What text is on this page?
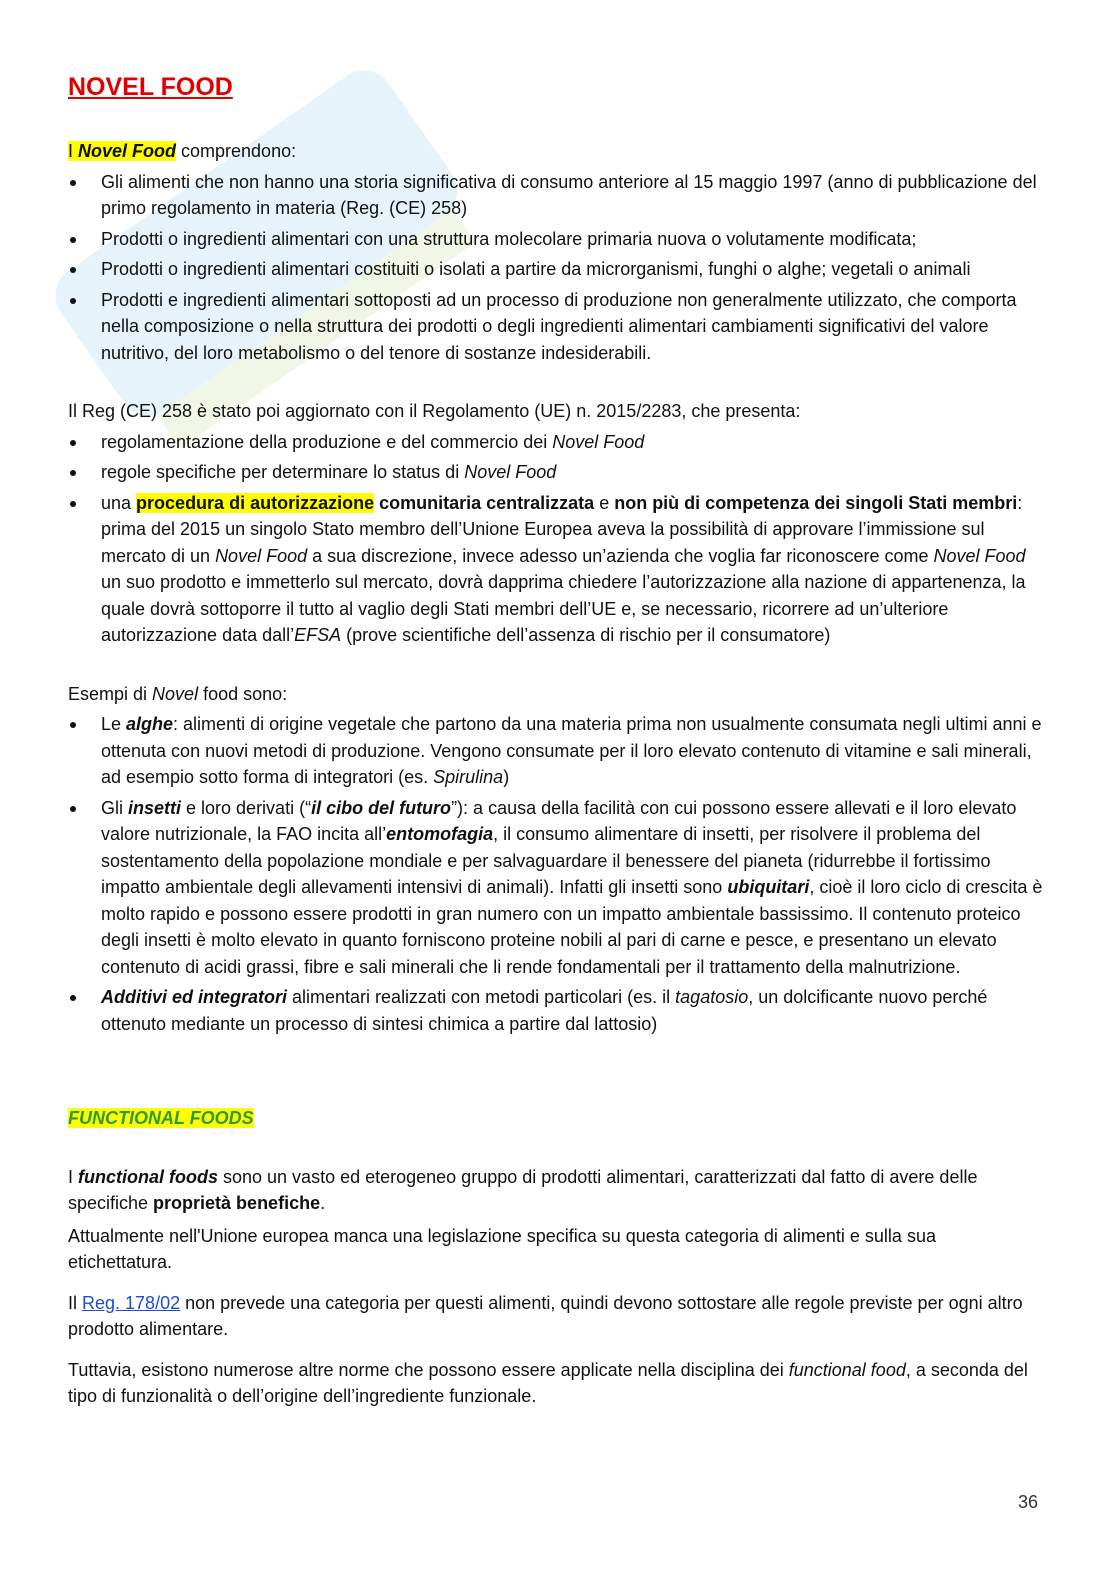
NOVEL FOOD

I Novel Food comprendono:

Gli alimenti che non hanno una storia significativa di consumo anteriore al 15 maggio 1997 (anno di pubblicazione del primo regolamento in materia (Reg. (CE) 258)
Prodotti o ingredienti alimentari con una struttura molecolare primaria nuova o volutamente modificata;
Prodotti o ingredienti alimentari costituiti o isolati a partire da microrganismi, funghi o alghe; vegetali o animali
Prodotti e ingredienti alimentari sottoposti ad un processo di produzione non generalmente utilizzato, che comporta nella composizione o nella struttura dei prodotti o degli ingredienti alimentari cambiamenti significativi del valore nutritivo, del loro metabolismo o del tenore di sostanze indesiderabili.

Il Reg (CE) 258 è stato poi aggiornato con il Regolamento (UE) n. 2015/2283, che presenta:

regolamentazione della produzione e del commercio dei Novel Food
regole specifiche per determinare lo status di Novel Food
una procedura di autorizzazione comunitaria centralizzata e non più di competenza dei singoli Stati membri: prima del 2015 un singolo Stato membro dell’Unione Europea aveva la possibilità di approvare l’immissione sul mercato di un Novel Food a sua discrezione, invece adesso un’azienda che voglia far riconoscere come Novel Food un suo prodotto e immetterlo sul mercato, dovrà dapprima chiedere l’autorizzazione alla nazione di appartenenza, la quale dovrà sottoporre il tutto al vaglio degli Stati membri dell’UE e, se necessario, ricorrere ad un’ulteriore autorizzazione data dall’EFSA (prove scientifiche dell’assenza di rischio per il consumatore)

Esempi di Novel food sono:

Le alghe: alimenti di origine vegetale che partono da una materia prima non usualmente consumata negli ultimi anni e ottenuta con nuovi metodi di produzione. Vengono consumate per il loro elevato contenuto di vitamine e sali minerali, ad esempio sotto forma di integratori (es. Spirulina)
Gli insetti e loro derivati (“il cibo del futuro”): a causa della facilità con cui possono essere allevati e il loro elevato valore nutrizionale, la FAO incita all’entomofagia, il consumo alimentare di insetti, per risolvere il problema del sostentamento della popolazione mondiale e per salvaguardare il benessere del pianeta (ridurrebbe il fortissimo impatto ambientale degli allevamenti intensivi di animali). Infatti gli insetti sono ubiquitari, cioè il loro ciclo di crescita è molto rapido e possono essere prodotti in gran numero con un impatto ambientale bassissimo. Il contenuto proteico degli insetti è molto elevato in quanto forniscono proteine nobili al pari di carne e pesce, e presentano un elevato contenuto di acidi grassi, fibre e sali minerali che li rende fondamentali per il trattamento della malnutrizione.
Additivi ed integratori alimentari realizzati con metodi particolari (es. il tagatosio, un dolcificante nuovo perché ottenuto mediante un processo di sintesi chimica a partire dal lattosio)

FUNCTIONAL FOODS

I functional foods sono un vasto ed eterogeneo gruppo di prodotti alimentari, caratterizzati dal fatto di avere delle specifiche proprietà benefiche.

Attualmente nell'Unione europea manca una legislazione specifica su questa categoria di alimenti e sulla sua etichettatura.

Il Reg. 178/02 non prevede una categoria per questi alimenti, quindi devono sottostare alle regole previste per ogni altro prodotto alimentare.

Tuttavia, esistono numerose altre norme che possono essere applicate nella disciplina dei functional food, a seconda del tipo di funzionalità o dell’origine dell’ingrediente funzionale.

36
